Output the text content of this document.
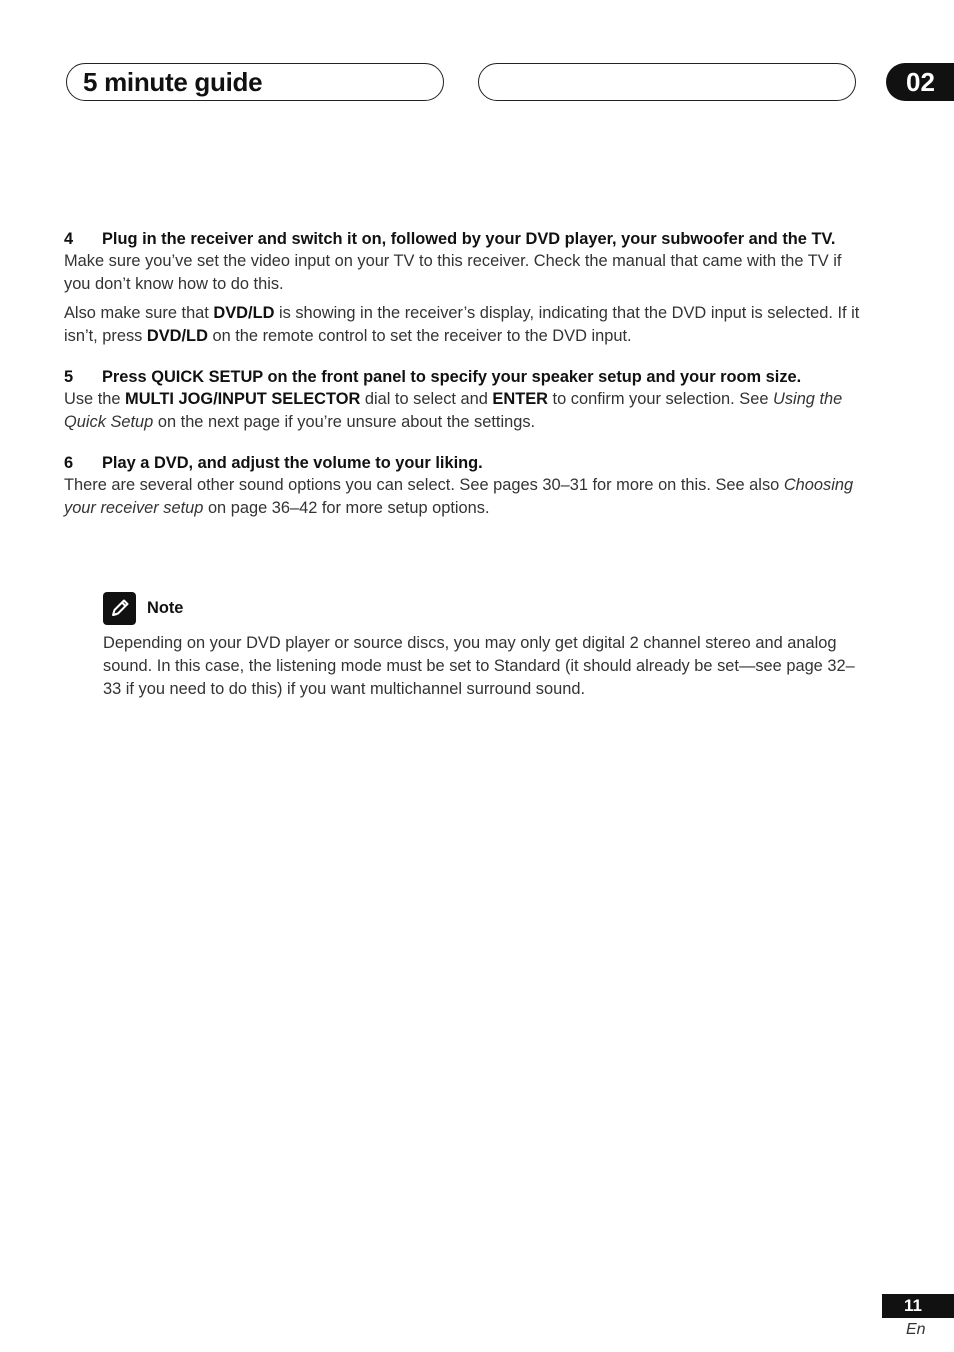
5 minute guide	02
4 Plug in the receiver and switch it on, followed by your DVD player, your subwoofer and the TV.

Make sure you’ve set the video input on your TV to this receiver. Check the manual that came with the TV if you don’t know how to do this.

Also make sure that DVD/LD is showing in the receiver’s display, indicating that the DVD input is selected. If it isn’t, press DVD/LD on the remote control to set the receiver to the DVD input.

5 Press QUICK SETUP on the front panel to specify your speaker setup and your room size.

Use the MULTI JOG/INPUT SELECTOR dial to select and ENTER to confirm your selection. See Using the Quick Setup on the next page if you’re unsure about the settings.

6 Play a DVD, and adjust the volume to your liking.

There are several other sound options you can select. See pages 30–31 for more on this. See also Choosing your receiver setup on page 36–42 for more setup options.

Note
Depending on your DVD player or source discs, you may only get digital 2 channel stereo and analog sound. In this case, the listening mode must be set to Standard (it should already be set—see page 32–33 if you need to do this) if you want multichannel surround sound.
11
En
